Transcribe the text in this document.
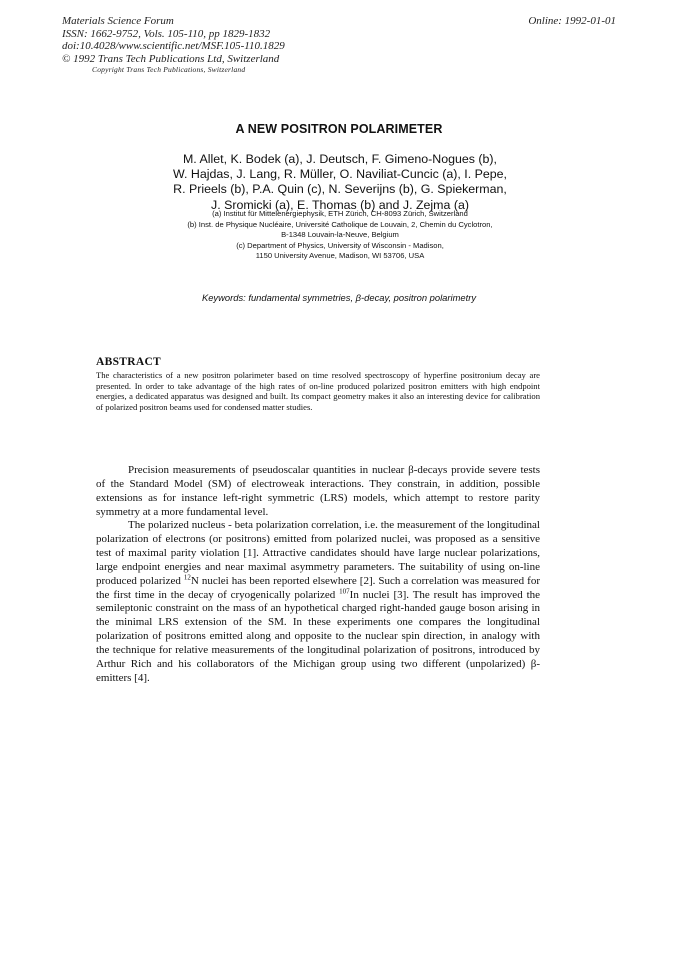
Materials Science Forum
ISSN: 1662-9752, Vols. 105-110, pp 1829-1832
doi:10.4028/www.scientific.net/MSF.105-110.1829
© 1992 Trans Tech Publications Ltd, Switzerland
Copyright Trans Tech Publications, Switzerland
Online: 1992-01-01
A NEW POSITRON POLARIMETER
M. Allet, K. Bodek (a), J. Deutsch, F. Gimeno-Nogues (b),
W. Hajdas, J. Lang, R. Müller, O. Naviliat-Cuncic (a), I. Pepe,
R. Prieels (b), P.A. Quin (c), N. Severijns (b), G. Spiekerman,
J. Sromicki (a), E. Thomas (b) and J. Zejma (a)
(a) Institut für Mittelenergiephysik, ETH Zürich, CH-8093 Zürich, Switzerland
(b) Inst. de Physique Nucléaire, Université Catholique de Louvain, 2, Chemin du Cyclotron,
B-1348 Louvain-la-Neuve, Belgium
(c) Department of Physics, University of Wisconsin - Madison,
1150 University Avenue, Madison, WI 53706, USA
Keywords: fundamental symmetries, β-decay, positron polarimetry
ABSTRACT
The characteristics of a new positron polarimeter based on time resolved spectroscopy of hyperfine positronium decay are presented. In order to take advantage of the high rates of on-line produced polarized positron emitters with high endpoint energies, a dedicated apparatus was designed and built. Its compact geometry makes it also an interesting device for calibration of polarized positron beams used for condensed matter studies.

Precision measurements of pseudoscalar quantities in nuclear β-decays provide severe tests of the Standard Model (SM) of electroweak interactions. They constrain, in addition, possible extensions as for instance left-right symmetric (LRS) models, which attempt to restore parity symmetry at a more fundamental level.

The polarized nucleus - beta polarization correlation, i.e. the measurement of the longitudinal polarization of electrons (or positrons) emitted from polarized nuclei, was proposed as a sensitive test of maximal parity violation [1]. Attractive candidates should have large nuclear polarizations, large endpoint energies and near maximal asymmetry parameters. The suitability of using on-line produced polarized $^{12}$N nuclei has been reported elsewhere [2]. Such a correlation was measured for the first time in the decay of cryogenically polarized $^{107}$In nuclei [3]. The result has improved the semileptonic constraint on the mass of an hypothetical charged right-handed gauge boson arising in the minimal LRS extension of the SM. In these experiments one compares the longitudinal polarization of positrons emitted along and opposite to the nuclear spin direction, in analogy with the technique for relative measurements of the longitudinal polarization of positrons, introduced by Arthur Rich and his collaborators of the Michigan group using two different (unpolarized) β-emitters [4].
